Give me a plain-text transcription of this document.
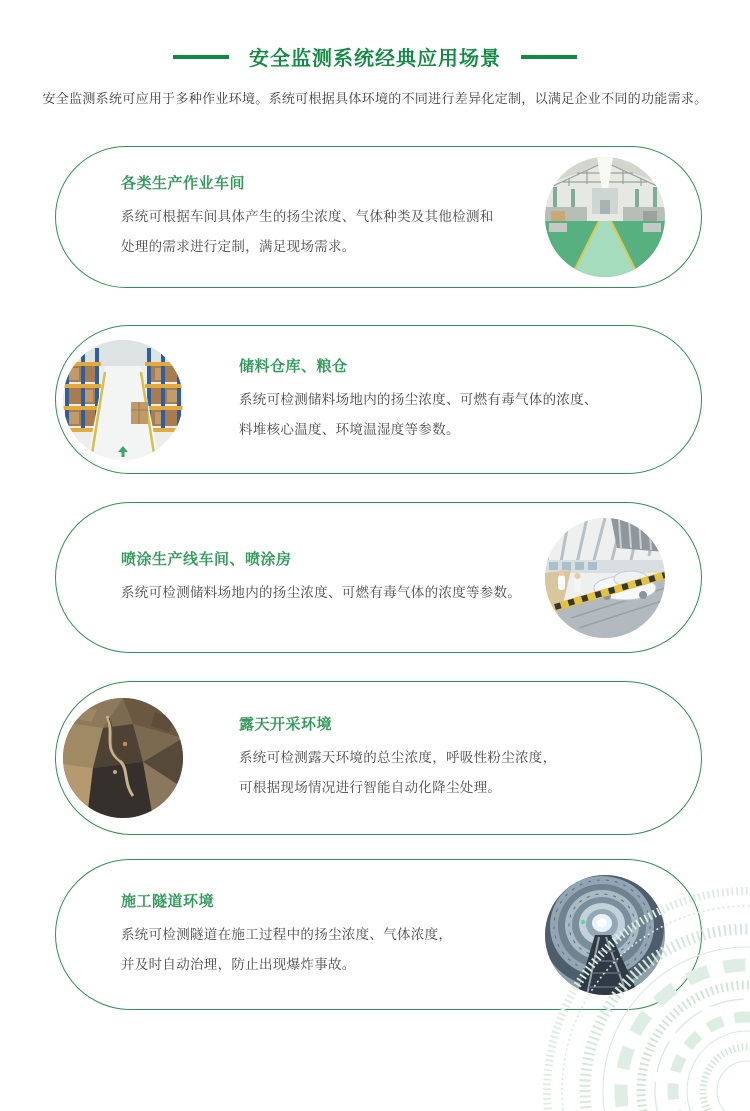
安全监测系统经典应用场景

安全监测系统可应用于多种作业环境。系统可根据具体环境的不同进行差异化定制，以满足企业不同的功能需求。

各类生产作业车间

系统可根据车间具体产生的扬尘浓度、气体种类及其他检测和

处理的需求进行定制，满足现场需求。

储料仓库、粮仓

系统可检测储料场地内的扬尘浓度、可燃有毒气体的浓度、

料堆核心温度、环境温湿度等参数。

喷涂生产线车间、喷涂房

系统可检测储料场地内的扬尘浓度、可燃有毒气体的浓度等参数。

露天开采环境

系统可检测露天环境的总尘浓度，呼吸性粉尘浓度，

可根据现场情况进行智能自动化降尘处理。

施工隧道环境

系统可检测隧道在施工过程中的扬尘浓度、气体浓度，

并及时自动治理，防止出现爆炸事故。
